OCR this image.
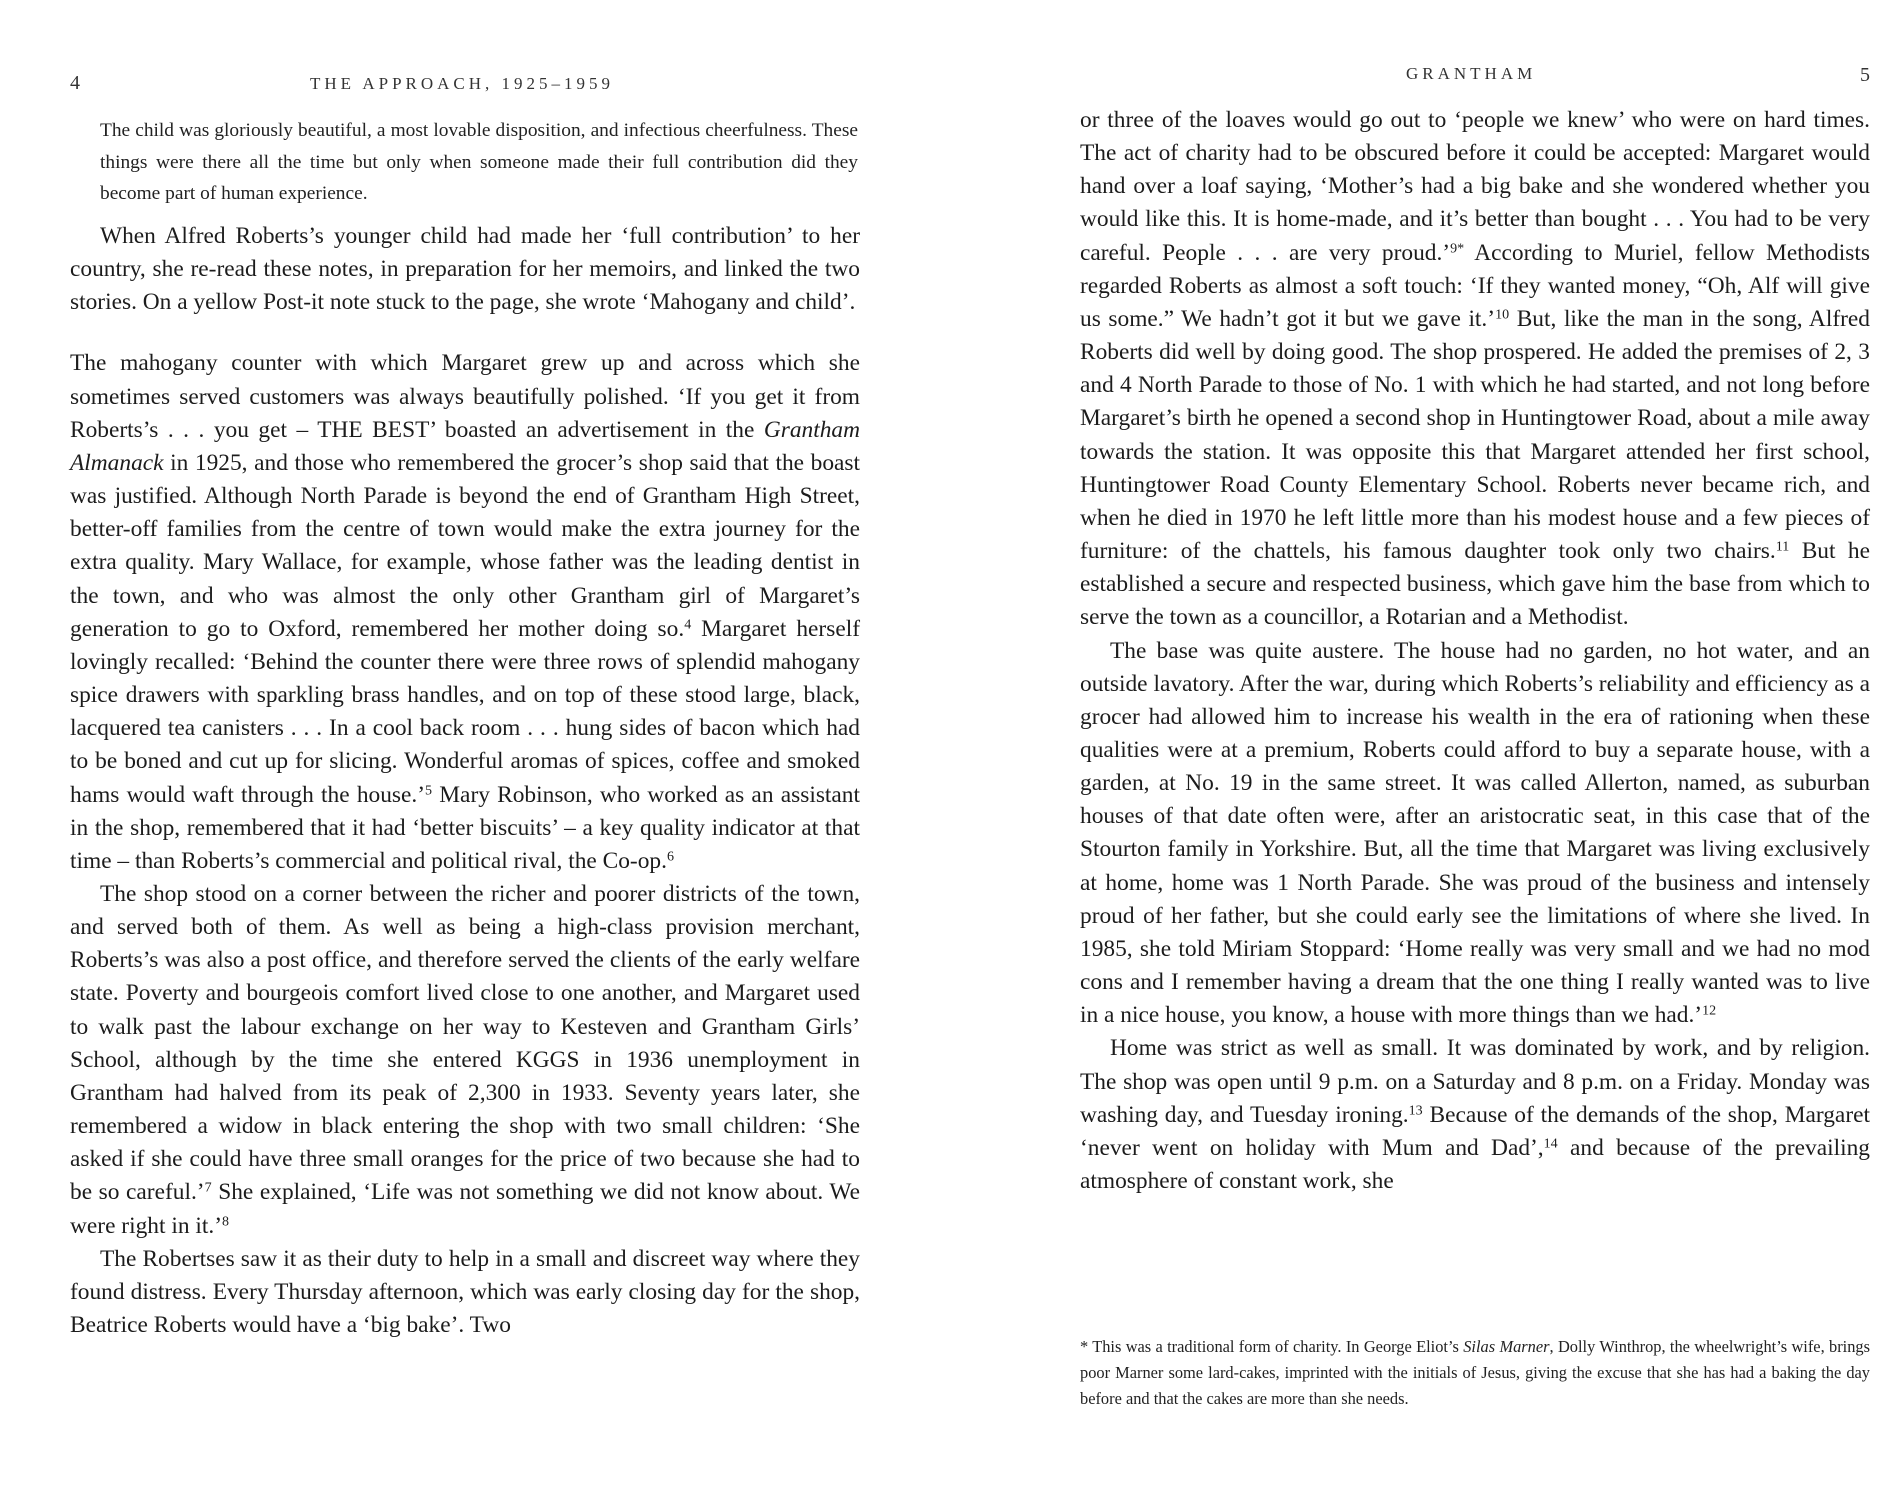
4	THE APPROACH, 1925–1959

The child was gloriously beautiful, a most lovable disposition, and infectious cheerfulness. These things were there all the time but only when someone made their full contribution did they become part of human experience.

When Alfred Roberts’s younger child had made her ‘full contribution’ to her country, she re-read these notes, in preparation for her memoirs, and linked the two stories. On a yellow Post-it note stuck to the page, she wrote ‘Mahogany and child’.

The mahogany counter with which Margaret grew up and across which she sometimes served customers was always beautifully polished. ‘If you get it from Roberts’s . . . you get – THE BEST’ boasted an advertisement in the Grantham Almanack in 1925, and those who remembered the grocer’s shop said that the boast was justified. Although North Parade is beyond the end of Grantham High Street, better-off families from the centre of town would make the extra journey for the extra quality. Mary Wallace, for example, whose father was the leading dentist in the town, and who was almost the only other Grantham girl of Margaret’s generation to go to Oxford, remembered her mother doing so.$^4$ Margaret herself lovingly recalled: ‘Behind the counter there were three rows of splendid mahogany spice drawers with sparkling brass handles, and on top of these stood large, black, lacquered tea canisters . . . In a cool back room . . . hung sides of bacon which had to be boned and cut up for slicing. Wonderful aromas of spices, coffee and smoked hams would waft through the house.’$^5$ Mary Robinson, who worked as an assistant in the shop, remembered that it had ‘better biscuits’ – a key quality indicator at that time – than Roberts’s commercial and political rival, the Co-op.$^6$

The shop stood on a corner between the richer and poorer districts of the town, and served both of them. As well as being a high-class provision merchant, Roberts’s was also a post office, and therefore served the clients of the early welfare state. Poverty and bourgeois comfort lived close to one another, and Margaret used to walk past the labour exchange on her way to Kesteven and Grantham Girls’ School, although by the time she entered KGGS in 1936 unemployment in Grantham had halved from its peak of 2,300 in 1933. Seventy years later, she remembered a widow in black entering the shop with two small children: ‘She asked if she could have three small oranges for the price of two because she had to be so careful.’$^7$ She explained, ‘Life was not something we did not know about. We were right in it.’$^8$

The Robertses saw it as their duty to help in a small and discreet way where they found distress. Every Thursday afternoon, which was early closing day for the shop, Beatrice Roberts would have a ‘big bake’. Two

GRANTHAM	5

or three of the loaves would go out to ‘people we knew’ who were on hard times. The act of charity had to be obscured before it could be accepted: Margaret would hand over a loaf saying, ‘Mother’s had a big bake and she wondered whether you would like this. It is home-made, and it’s better than bought . . . You had to be very careful. People . . . are very proud.’$^{9*}$ According to Muriel, fellow Methodists regarded Roberts as almost a soft touch: ‘If they wanted money, “Oh, Alf will give us some.” We hadn’t got it but we gave it.’$^{10}$ But, like the man in the song, Alfred Roberts did well by doing good. The shop prospered. He added the premises of 2, 3 and 4 North Parade to those of No. 1 with which he had started, and not long before Margaret’s birth he opened a second shop in Huntingtower Road, about a mile away towards the station. It was opposite this that Margaret attended her first school, Huntingtower Road County Elementary School. Roberts never became rich, and when he died in 1970 he left little more than his modest house and a few pieces of furniture: of the chattels, his famous daughter took only two chairs.$^{11}$ But he established a secure and respected business, which gave him the base from which to serve the town as a councillor, a Rotarian and a Methodist.

The base was quite austere. The house had no garden, no hot water, and an outside lavatory. After the war, during which Roberts’s reliability and efficiency as a grocer had allowed him to increase his wealth in the era of rationing when these qualities were at a premium, Roberts could afford to buy a separate house, with a garden, at No. 19 in the same street. It was called Allerton, named, as suburban houses of that date often were, after an aristocratic seat, in this case that of the Stourton family in Yorkshire. But, all the time that Margaret was living exclusively at home, home was 1 North Parade. She was proud of the business and intensely proud of her father, but she could early see the limitations of where she lived. In 1985, she told Miriam Stoppard: ‘Home really was very small and we had no mod cons and I remember having a dream that the one thing I really wanted was to live in a nice house, you know, a house with more things than we had.’$^{12}$

Home was strict as well as small. It was dominated by work, and by religion. The shop was open until 9 p.m. on a Saturday and 8 p.m. on a Friday. Monday was washing day, and Tuesday ironing.$^{13}$ Because of the demands of the shop, Margaret ‘never went on holiday with Mum and Dad’,$^{14}$ and because of the prevailing atmosphere of constant work, she

* This was a traditional form of charity. In George Eliot’s Silas Marner, Dolly Winthrop, the wheelwright’s wife, brings poor Marner some lard-cakes, imprinted with the initials of Jesus, giving the excuse that she has had a baking the day before and that the cakes are more than she needs.
